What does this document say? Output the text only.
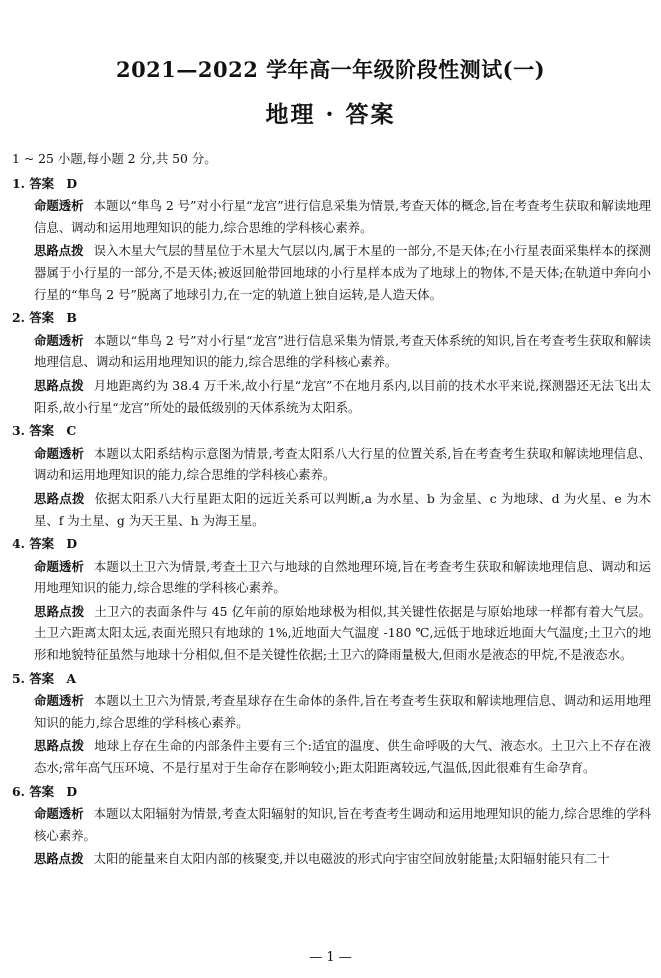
2021—2022 学年高一年级阶段性测试(一)
地理 · 答案
1 ~ 25 小题,每小题 2 分,共 50 分。
1. 答案　D
命题透析 本题以“隼鸟 2 号”对小行星“龙宫”进行信息采集为情景,考查天体的概念,旨在考查考生获取和解读地理信息、调动和运用地理知识的能力,综合思维的学科核心素养。
思路点拨 误入木星大气层的彗星位于木星大气层以内,属于木星的一部分,不是天体;在小行星表面采集样本的探测器属于小行星的一部分,不是天体;被返回舱带回地球的小行星样本成为了地球上的物体,不是天体;在轨道中奔向小行星的“隼鸟 2 号”脱离了地球引力,在一定的轨道上独自运转,是人造天体。
2. 答案　B
命题透析 本题以“隼鸟 2 号”对小行星“龙宫”进行信息采集为情景,考查天体系统的知识,旨在考查考生获取和解读地理信息、调动和运用地理知识的能力,综合思维的学科核心素养。
思路点拨 月地距离约为 38.4 万千米,故小行星“龙宫”不在地月系内,以目前的技术水平来说,探测器还无法飞出太阳系,故小行星“龙宫”所处的最低级别的天体系统为太阳系。
3. 答案　C
命题透析 本题以太阳系结构示意图为情景,考查太阳系八大行星的位置关系,旨在考查考生获取和解读地理信息、调动和运用地理知识的能力,综合思维的学科核心素养。
思路点拨 依据太阳系八大行星距太阳的远近关系可以判断,a 为水星、b 为金星、c 为地球、d 为火星、e 为木星、f 为土星、g 为天王星、h 为海王星。
4. 答案　D
命题透析 本题以土卫六为情景,考查土卫六与地球的自然地理环境,旨在考查考生获取和解读地理信息、调动和运用地理知识的能力,综合思维的学科核心素养。
思路点拨 土卫六的表面条件与 45 亿年前的原始地球极为相似,其关键性依据是与原始地球一样都有着大气层。土卫六距离太阳太远,表面光照只有地球的 1%,近地面大气温度 -180 ℃,远低于地球近地面大气温度;土卫六的地形和地貌特征虽然与地球十分相似,但不是关键性依据;土卫六的降雨量极大,但雨水是液态的甲烷,不是液态水。
5. 答案　A
命题透析 本题以土卫六为情景,考查星球存在生命体的条件,旨在考查考生获取和解读地理信息、调动和运用地理知识的能力,综合思维的学科核心素养。
思路点拨 地球上存在生命的内部条件主要有三个:适宜的温度、供生命呼吸的大气、液态水。土卫六上不存在液态水;常年高气压环境、不是行星对于生命存在影响较小;距太阳距离较远,气温低,因此很难有生命孕育。
6. 答案　D
命题透析 本题以太阳辐射为情景,考查太阳辐射的知识,旨在考查考生调动和运用地理知识的能力,综合思维的学科核心素养。
思路点拨 太阳的能量来自太阳内部的核聚变,并以电磁波的形式向宇宙空间放射能量;太阳辐射能只有二十
— 1 —
